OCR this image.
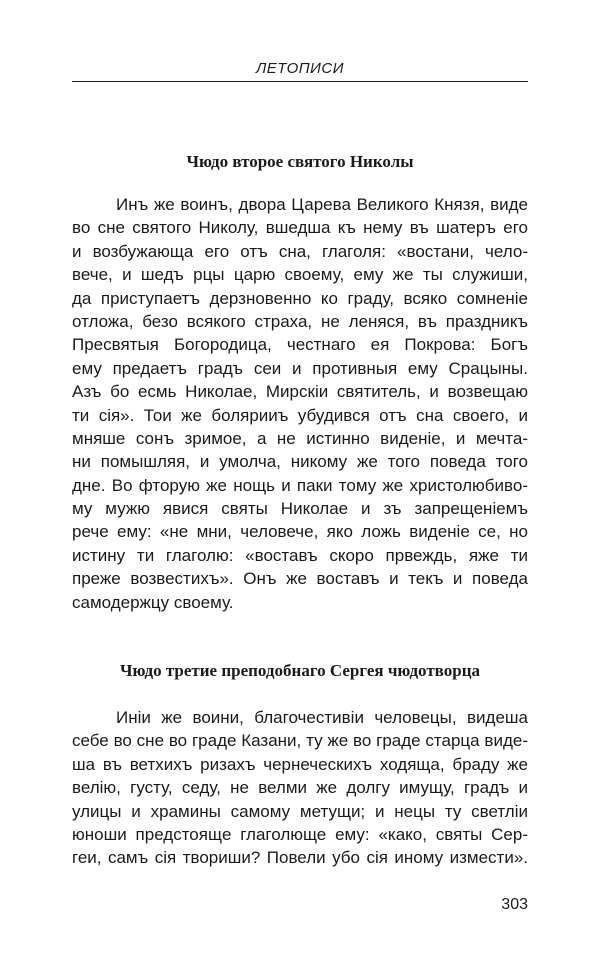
ЛЕТОПИСИ
Чюдо второе святого Николы

Инъ же воинъ, двора Царева Великого Князя, виде
во сне святого Николу, вшедша къ нему въ шатеръ его
и возбужающа его отъ сна, глаголя: «востани, чело-
вече, и шедъ рцы царю своему, ему же ты служиши,
да приступаетъ дерзновенно ко граду, всяко сомненіе
отложа, безо всякого страха, не леняся, въ праздникъ
Пресвятыя Богородица, честнаго ея Покрова: Богъ
ему предаетъ градъ сеи и противныя ему Срацыны.
Азъ бо есмь Николае, Мирскіи святитель, и возвещаю
ти сія». Тои же болярииъ убудився отъ сна своего, и
мняше сонъ зримое, а не истинно виденіе, и мечта-
ни помышляя, и умолча, никому же того поведа того
дне. Во фторую же нощь и паки тому же христолюбиво-
му мужю явися святы Николае и зъ запрещеніемъ
рече ему: «не мни, человече, яко ложь виденіе се, но
истину ти глаголю: «воставъ скоро првеждь, яже ти
преже возвестихъ». Онъ же воставъ и текъ и поведа
самодержцу своему.

Чюдо третие преподобнаго Сергея чюдотворца

Иніи же воини, благочестивіи человецы, видеша
себе во сне во граде Казани, ту же во граде старца виде-
ша въ ветхихъ ризахъ чернеческихъ ходяща, браду же
велію, густу, седу, не велми же долгу имущу, градъ и
улицы и храмины самому метущи; и нецы ту светліи
юноши предстоящe глаголюще ему: «како, святы Сер-
геи, самъ сія твориши? Повели убо сія иному измести».

303
